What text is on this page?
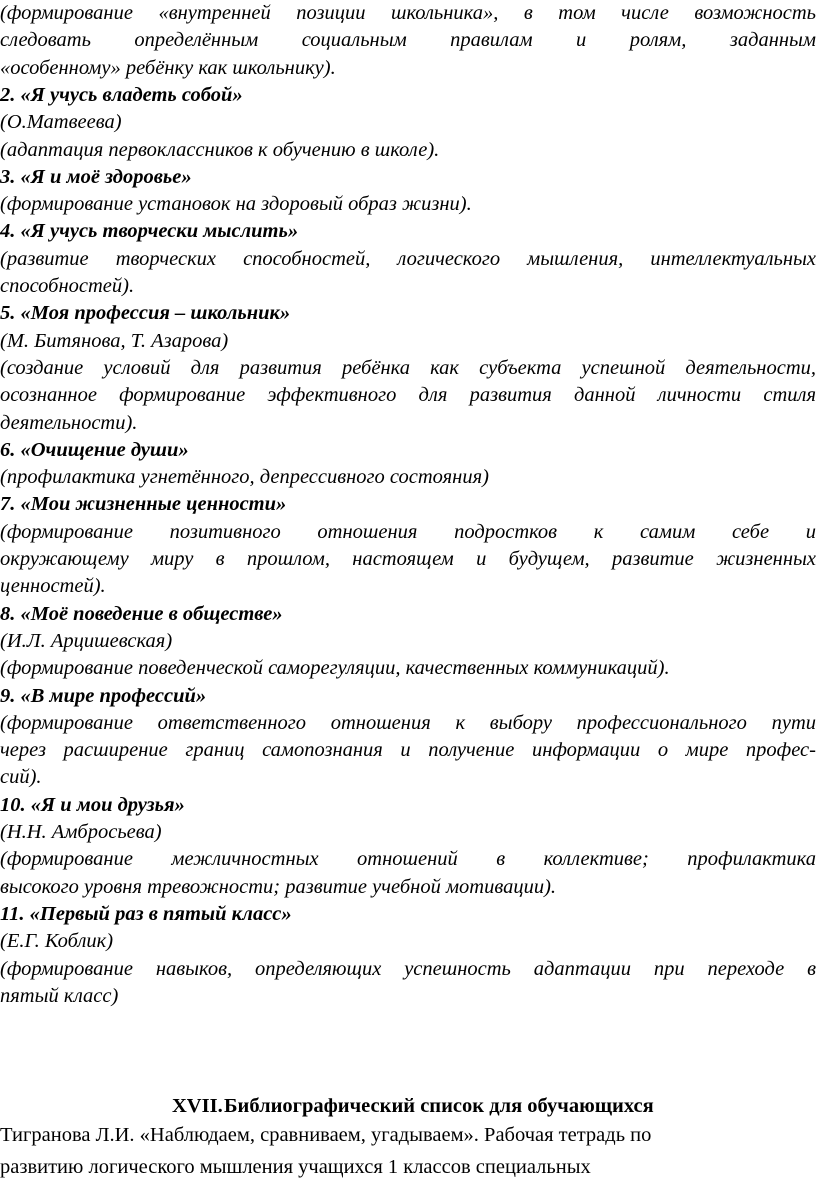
(формирование «внутренней позиции школьника», в том числе возможность
следовать определённым социальным правилам и ролям, заданным
«особенному» ребёнку как школьнику).
2. «Я учусь владеть собой»
(О.Матвеева)
(адаптация первоклассников к обучению в школе).
3. «Я и моё здоровье»
(формирование установок на здоровый образ жизни).
4. «Я учусь творчески мыслить»
(развитие творческих способностей, логического мышления, интеллектуальных
способностей).
5. «Моя профессия – школьник»
(М. Битянова, Т. Азарова)
(создание условий для развития ребёнка как субъекта успешной деятельности,
осознанное формирование эффективного для развития данной личности стиля
деятельности).
6. «Очищение души»
(профилактика угнетённого, депрессивного состояния)
7. «Мои жизненные ценности»
(формирование позитивного отношения подростков к самим себе и
окружающему миру в прошлом, настоящем и будущем, развитие жизненных
ценностей).
8. «Моё поведение в обществе»
(И.Л. Арцишевская)
(формирование поведенческой саморегуляции, качественных коммуникаций).
9. «В мире профессий»
(формирование ответственного отношения к выбору профессионального пути
через расширение границ самопознания и получение информации о мире профес-
сий).
10. «Я и мои друзья»
(Н.Н. Амбросьева)
(формирование межличностных отношений в коллективе; профилактика
высокого уровня тревожности; развитие учебной мотивации).
11. «Первый раз в пятый класс»
(Е.Г. Коблик)
(формирование навыков, определяющих успешность адаптации при переходе в
пятый класс)
XVII.Библиографический список для обучающихся
Тигранова Л.И. «Наблюдаем, сравниваем, угадываем». Рабочая тетрадь по
развитию логического мышления учащихся 1 классов специальных
